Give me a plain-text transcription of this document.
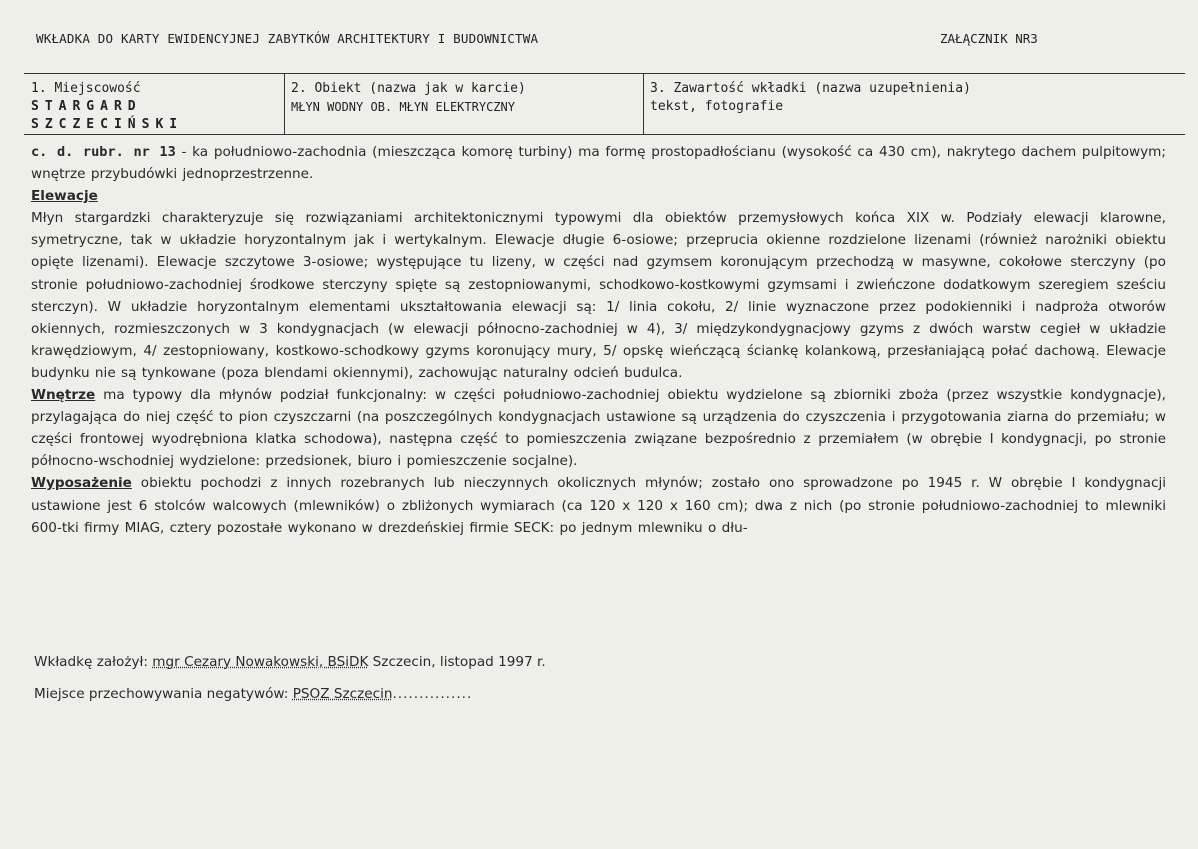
WKŁADKA DO KARTY EWIDENCYJNEJ ZABYTKÓW ARCHITEKTURY I BUDOWNICTWA	ZAŁĄCZNIK NR3
1. Miejscowość
STARGARD
SZCZECIŃSKI
2. Obiekt (nazwa jak w karcie)
MŁYN WODNY OB. MŁYN ELEKTRYCZNY
3. Zawartość wkładki (nazwa uzupełnienia)
tekst, fotografie

c. d. rubr. nr 13 - ka południowo-zachodnia (mieszcząca komorę turbiny) ma formę prostopadłościanu (wysokość ca 430 cm), nakrytego dachem pulpitowym; wnętrze przybudówki jednoprzestrzenne.

Elewacje

Młyn stargardzki charakteryzuje się rozwiązaniami architektonicznymi typowymi dla obiektów przemysłowych końca XIX w. Podziały elewacji klarowne, symetryczne, tak w układzie horyzontalnym jak i wertykalnym. Elewacje długie 6-osiowe; przeprucia okienne rozdzielone lizenami (również narożniki obiektu opięte lizenami). Elewacje szczytowe 3-osiowe; występujące tu lizeny, w części nad gzymsem koronującym przechodzą w masywne, cokołowe sterczyny (po stronie południowo-zachodniej środkowe sterczyny spięte są zestopniowanymi, schodkowo-kostkowymi gzymsami i zwieńczone dodatkowym szeregiem sześciu sterczyn). W układzie horyzontalnym elementami ukształtowania elewacji są: 1/ linia cokołu, 2/ linie wyznaczone przez podokienniki i nadproża otworów okiennych, rozmieszczonych w 3 kondygnacjach (w elewacji północno-zachodniej w 4), 3/ międzykondygnacjowy gzyms z dwóch warstw cegieł w układzie krawędziowym, 4/ zestopniowany, kostkowo-schodkowy gzyms koronujący mury, 5/ opskę wieńczącą ściankę kolankową, przesłaniającą połać dachową. Elewacje budynku nie są tynkowane (poza blendami okiennymi), zachowując naturalny odcień budulca.

Wnętrze ma typowy dla młynów podział funkcjonalny: w części południowo-zachodniej obiektu wydzielone są zbiorniki zboża (przez wszystkie kondygnacje), przylagająca do niej część to pion czyszczarni (na poszczególnych kondygnacjach ustawione są urządzenia do czyszczenia i przygotowania ziarna do przemiału; w części frontowej wyodrębniona klatka schodowa), następna część to pomieszczenia związane bezpośrednio z przemiałem (w obrębie I kondygnacji, po stronie północno-wschodniej wydzielone: przedsionek, biuro i pomieszczenie socjalne).

Wyposażenie obiektu pochodzi z innych rozebranych lub nieczynnych okolicznych młynów; zostało ono sprowadzone po 1945 r. W obrębie I kondygnacji ustawione jest 6 stolców walcowych (mlewników) o zbliżonych wymiarach (ca 120 x 120 x 160 cm); dwa z nich (po stronie południowo-zachodniej to mlewniki 600-tki firmy MIAG, cztery pozostałe wykonano w drezdeńskiej firmie SECK: po jednym mlewniku o dłu-

Wkładkę założył: mgr Cezary Nowakowski, BSiDK Szczecin, listopad 1997 r.
Miejsce przechowywania negatywów: PSOZ Szczecin...............
